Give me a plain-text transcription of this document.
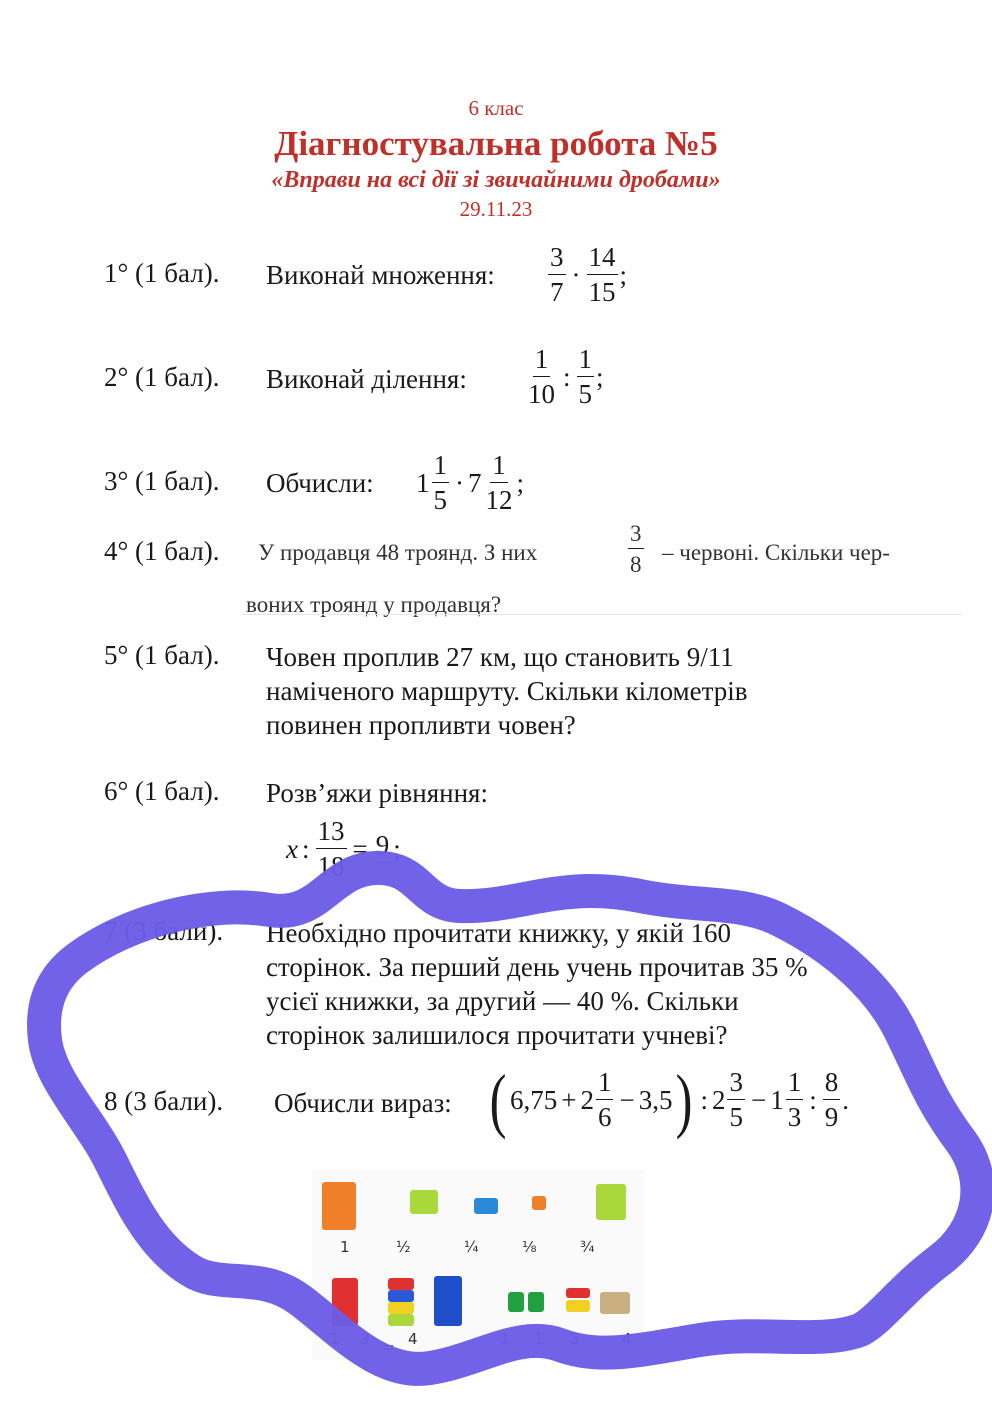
6 клас
Діагностувальна робота №5
«Вправи на всі дії зі звичайними дробами»
29.11.23
1° (1 бал). Виконай множення: $\frac{3}{7} \cdot \frac{14}{15}$ ;
2° (1 бал). Виконай ділення: $\frac{1}{10}$ : $\frac{1}{5}$ ;
3° (1 бал). Обчисли: $1 \frac{1}{5} \cdot 7 \frac{1}{12}$ ;
4° (1 бал). У продавця 48 троянд. З них	$\frac{3}{8}$ – червоні. Скільки чер-
воних троянд у продавця?
5° (1 бал). Човен проплив 27 км, що становить 9/11
наміченого маршруту. Скільки кілометрів
повинен пропливти човен?
6° (1 бал). Розв’яжи рівняння:
x : $\frac{13}{18} = 9$ ;
7 (3 бали). Необхідно прочитати книжку, у якій 160
сторінок. За перший день учень прочитав 35 %
усієї книжки, за другий — 40 %. Скільки
сторінок залишилося прочитати учневі?
8 (3 бали). Обчисли вираз: ( $6,75 + 2 \frac{1}{6} - 3,5$ ) : $2 \frac{3}{5} - 1 \frac{1}{3}$ : $\frac{8}{9}$ .
1	½	¼	⅛	¾
1 3 = 4	1 1 3	4
